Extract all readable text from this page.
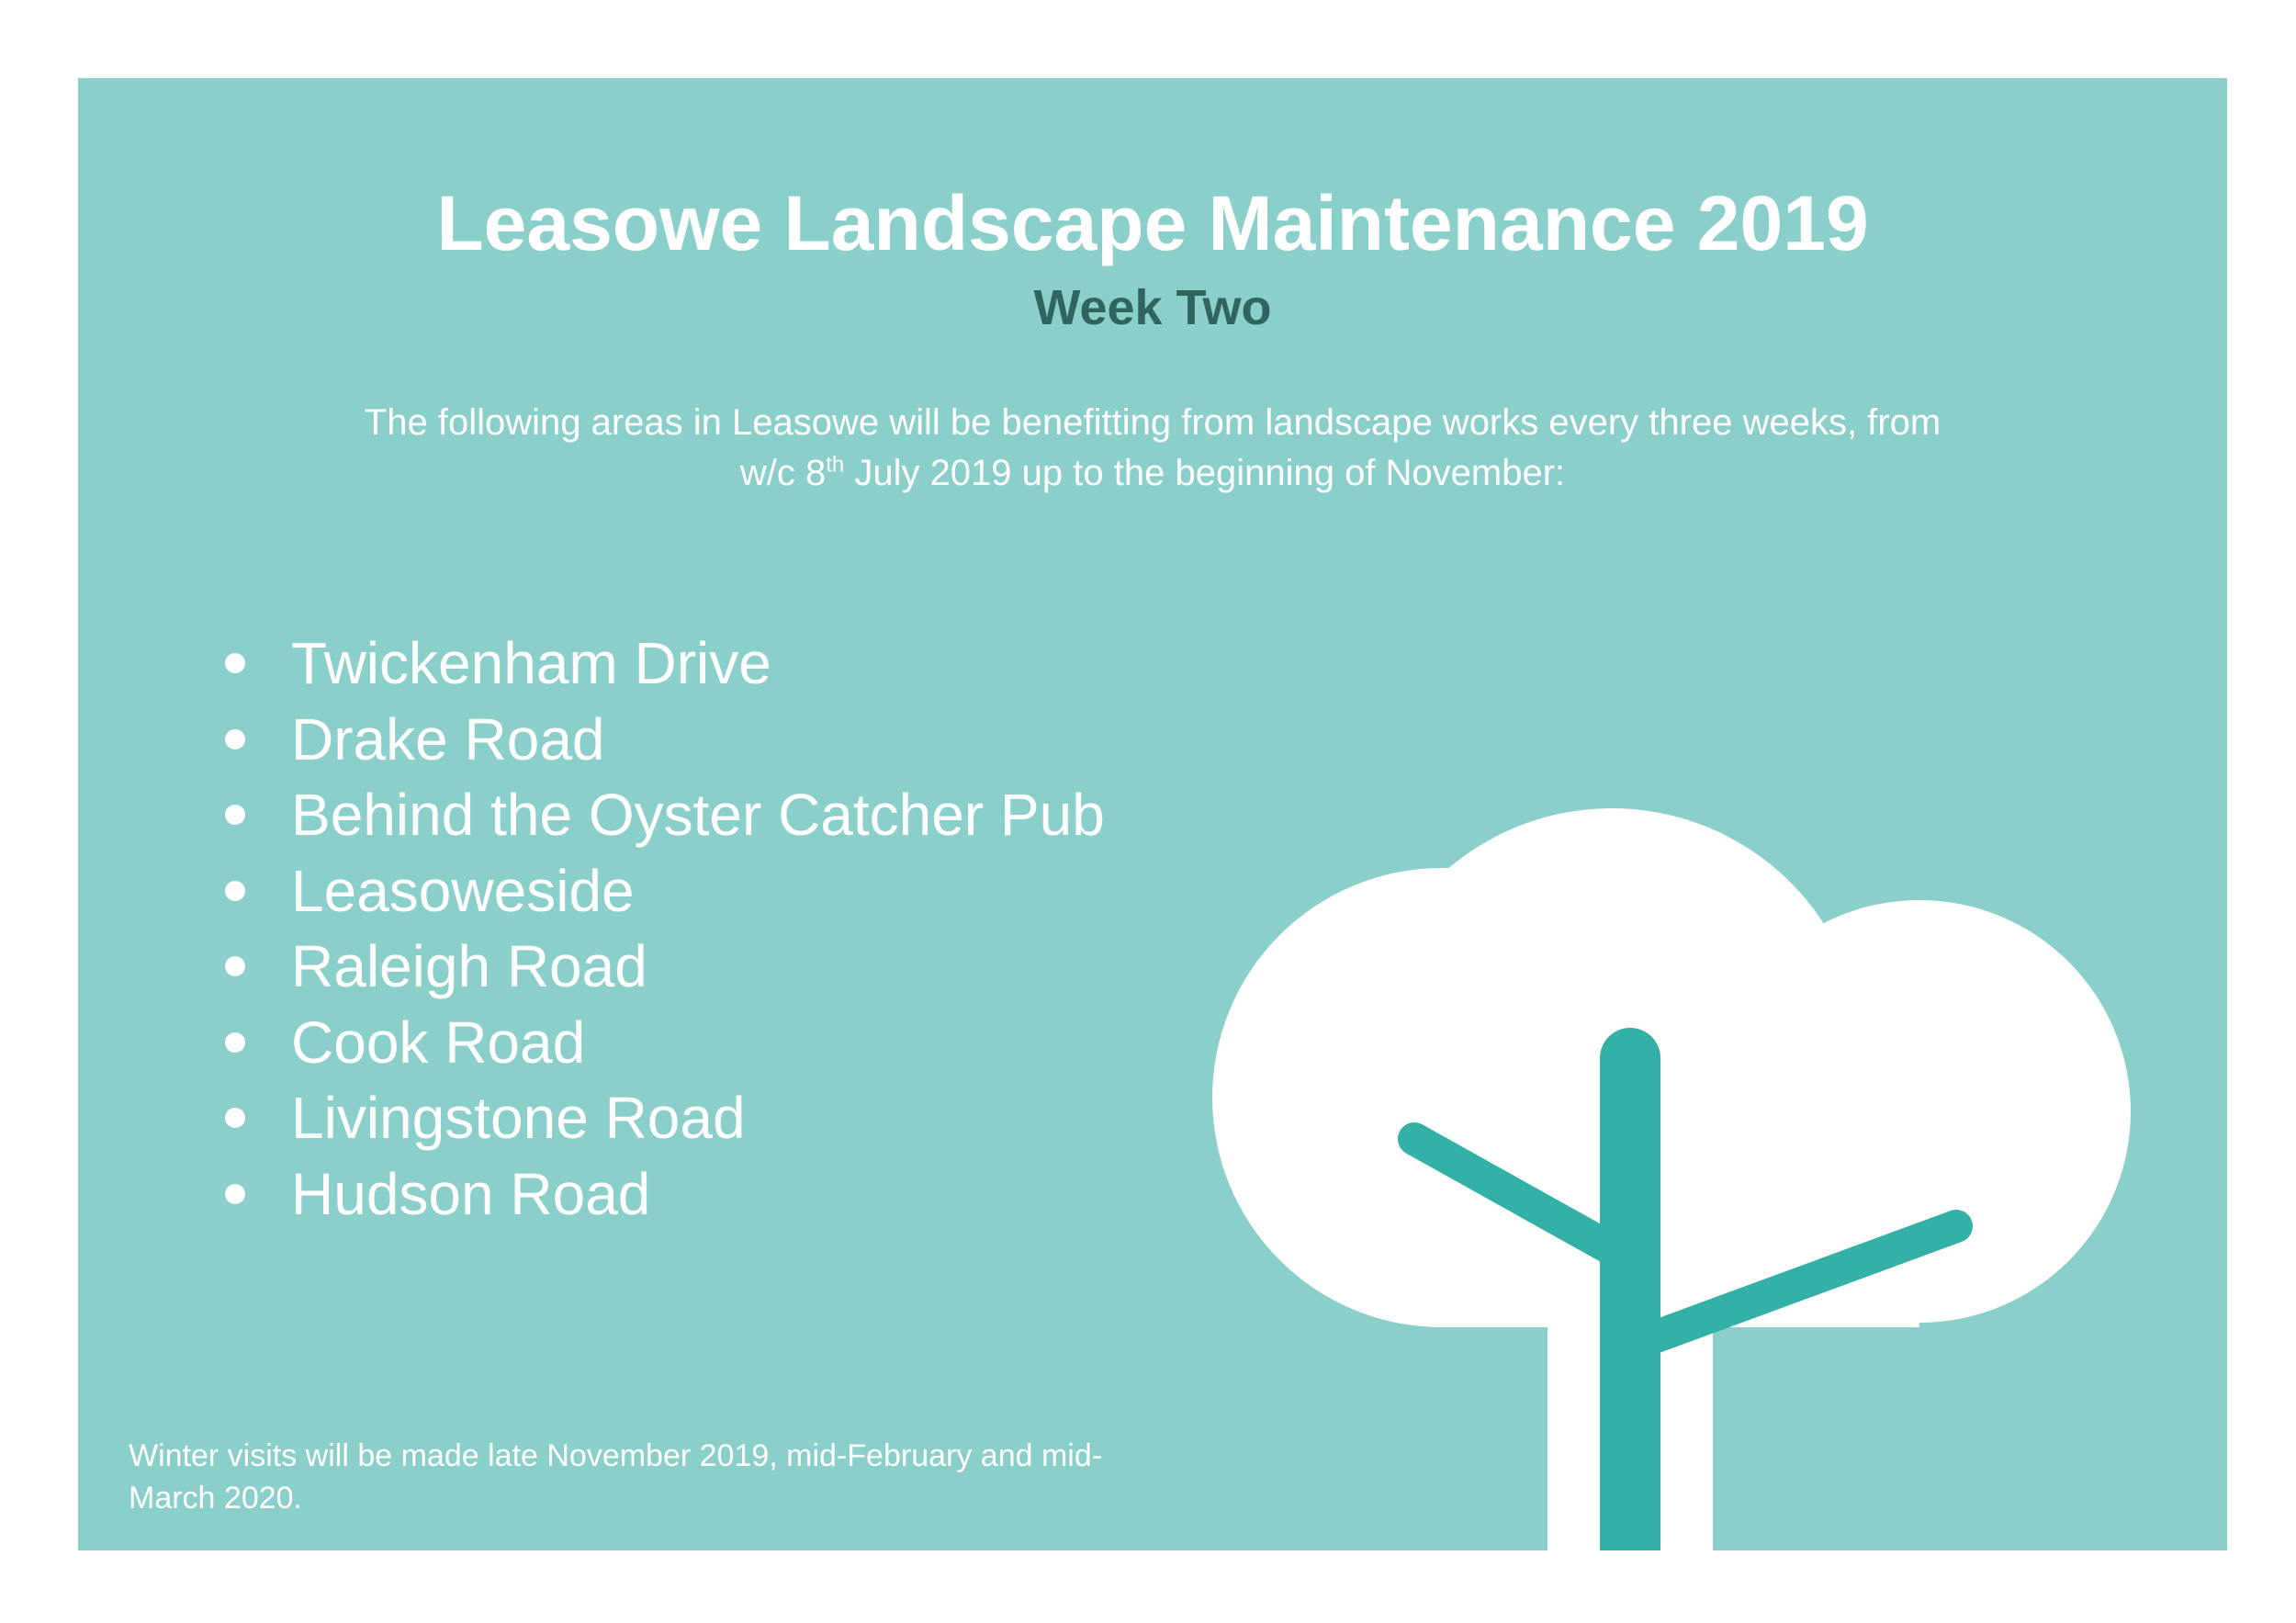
Leasowe Landscape Maintenance 2019
Week Two

The following areas in Leasowe will be benefitting from landscape works every three weeks, from w/c 8th July 2019 up to the beginning of November:

Twickenham Drive
Drake Road
Behind the Oyster Catcher Pub
Leasoweside
Raleigh Road
Cook Road
Livingstone Road
Hudson Road

Winter visits will be made late November 2019, mid-February and mid-March 2020.
